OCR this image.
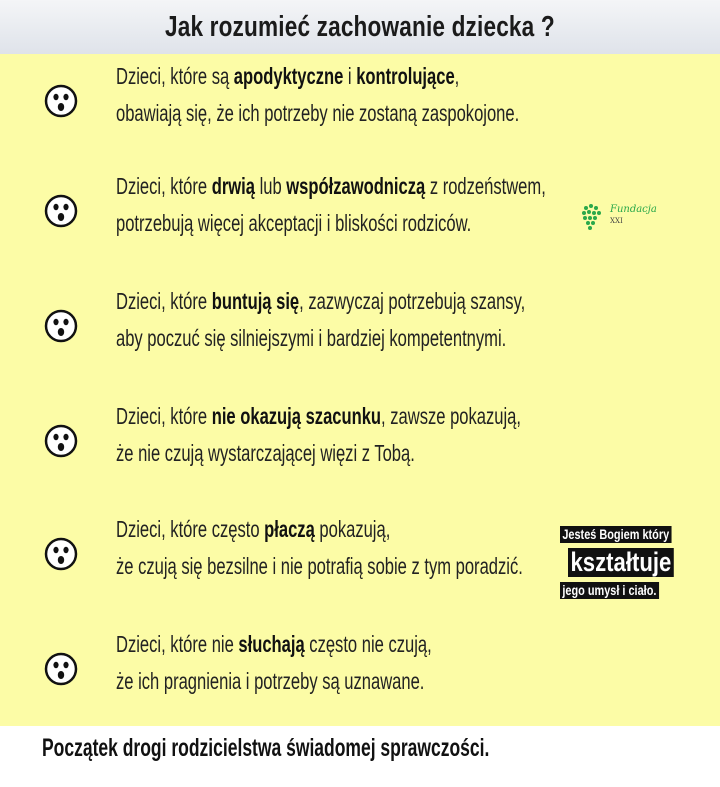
Jak rozumieć zachowanie dziecka ?
Dzieci, które są apodyktyczne i kontrolujące,
obawiają się, że ich potrzeby nie zostaną zaspokojone.
Dzieci, które drwią lub współzawodniczą z rodzeństwem,
potrzebują więcej akceptacji i bliskości rodziców.
Dzieci, które buntują się, zazwyczaj potrzebują szansy,
aby poczuć się silniejszymi i bardziej kompetentnymi.
Dzieci, które nie okazują szacunku, zawsze pokazują,
że nie czują wystarczającej więzi z Tobą.
Dzieci, które często płaczą pokazują,
że czują się bezsilne i nie potrafią sobie z tym poradzić.
Dzieci, które nie słuchają często nie czują,
że ich pragnienia i potrzeby są uznawane.
Fundacja
XXI
Jesteś Bogiem który
kształtuje
jego umysł i ciało.

Początek drogi rodzicielstwa świadomej sprawczości.
